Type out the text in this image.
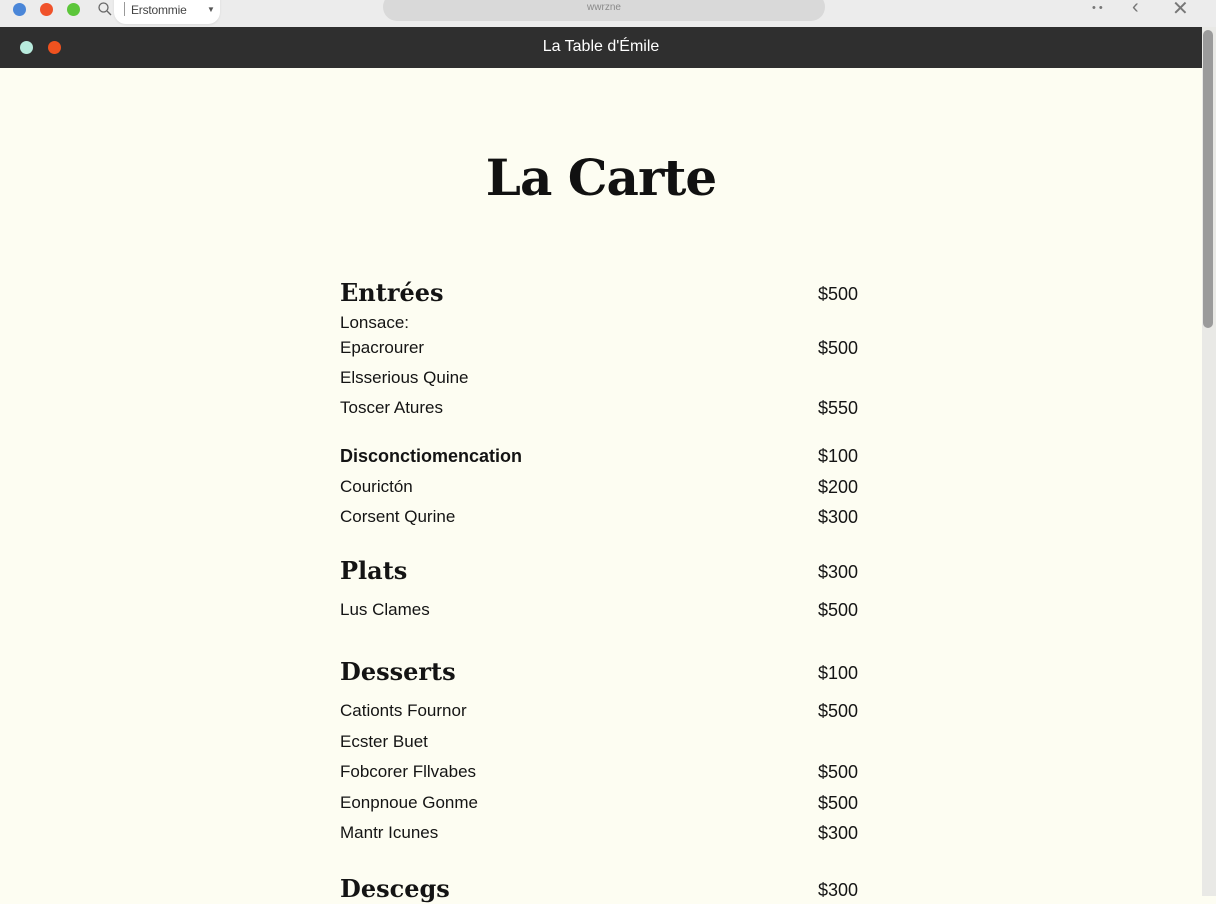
Erstommie	▼	wwrzne	• • ‹ ✕
La Table d'Émile
La Carte
Entrées	$500
Lonsace:
Epacrourer	$500
Elsserious Quine
Toscer Atures	$550
Disconctiomencation	$100
Courictón	$200
Corsent Qurine	$300
Plats	$300
Lus Clames	$500
Desserts	$100
Cationts Fournor	$500
Ecster Buet
Fobcorer Fllvabes	$500
Eonpnoue Gonme	$500
Mantr Icunes	$300
Descegs	$300
